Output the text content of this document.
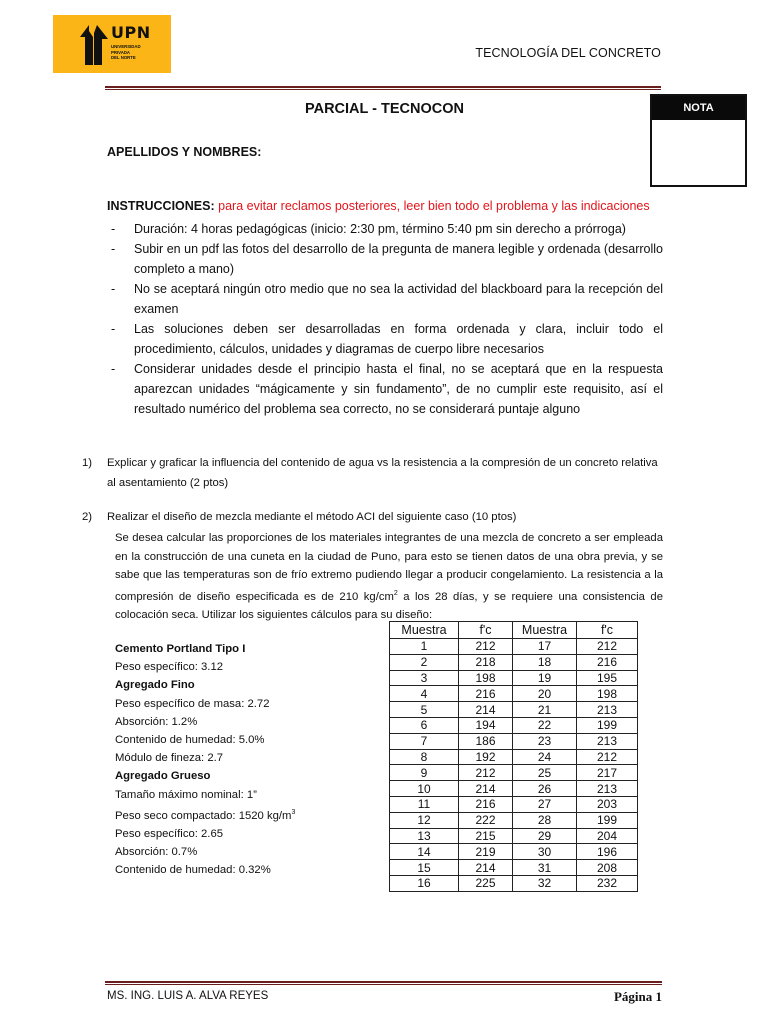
UPN
UNIVERSIDAD
PRIVADA
DEL NORTE	TECNOLOGÍA DEL CONCRETO
PARCIAL - TECNOCON	NOTA
APELLIDOS Y NOMBRES:
INSTRUCCIONES: para evitar reclamos posteriores, leer bien todo el problema y las indicaciones
- Duración: 4 horas pedagógicas (inicio: 2:30 pm, término 5:40 pm sin derecho a prórroga)
- Subir en un pdf las fotos del desarrollo de la pregunta de manera legible y ordenada (desarrollo completo a mano)
- No se aceptará ningún otro medio que no sea la actividad del blackboard para la recepción del examen
- Las soluciones deben ser desarrolladas en forma ordenada y clara, incluir todo el procedimiento, cálculos, unidades y diagramas de cuerpo libre necesarios
- Considerar unidades desde el principio hasta el final, no se aceptará que en la respuesta aparezcan unidades “mágicamente y sin fundamento”, de no cumplir este requisito, así el resultado numérico del problema sea correcto, no se considerará puntaje alguno
1)	Explicar y graficar la influencia del contenido de agua vs la resistencia a la compresión de un concreto relativa al asentamiento (2 ptos)
2)	Realizar el diseño de mezcla mediante el método ACI del siguiente caso (10 ptos)
Se desea calcular las proporciones de los materiales integrantes de una mezcla de concreto a ser empleada en la construcción de una cuneta en la ciudad de Puno, para esto se tienen datos de una obra previa, y se sabe que las temperaturas son de frío extremo pudiendo llegar a producir congelamiento. La resistencia a la compresión de diseño especificada es de 210 $kg/cm^2$ a los 28 días, y se requiere una consistencia de colocación seca. Utilizar los siguientes cálculos para su diseño:
Cemento Portland Tipo I
Peso específico: 3.12
Agregado Fino
Peso específico de masa: 2.72
Absorción: 1.2%
Contenido de humedad: 5.0%
Módulo de fineza: 2.7
Agregado Grueso
Tamaño máximo nominal: 1”
Peso seco compactado: 1520 $kg/m^3$
Peso específico: 2.65
Absorción: 0.7%
Contenido de humedad: 0.32%
Muestra	f'c	Muestra	f'c
1	212	17	212
2	218	18	216
3	198	19	195
4	216	20	198
5	214	21	213
6	194	22	199
7	186	23	213
8	192	24	212
9	212	25	217
10	214	26	213
11	216	27	203
12	222	28	199
13	215	29	204
14	219	30	196
15	214	31	208
16	225	32	232
MS. ING. LUIS A. ALVA REYES	Página 1
